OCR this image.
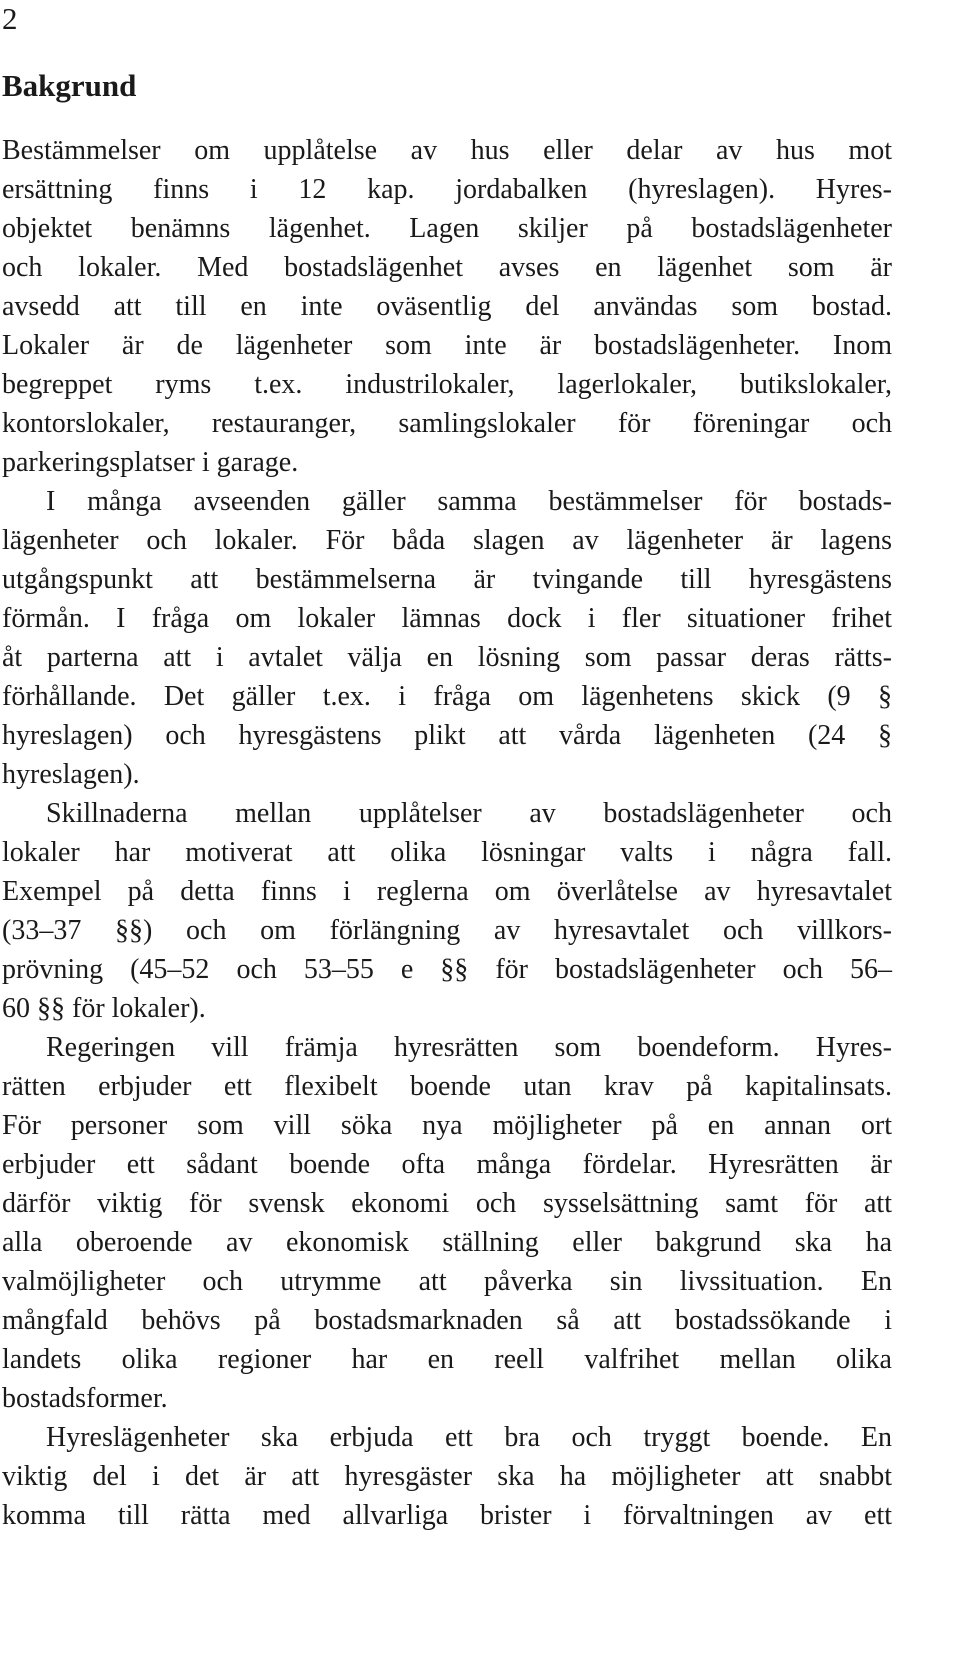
2

Bakgrund

Bestämmelser om upplåtelse av hus eller delar av hus mot
ersättning finns i 12 kap. jordabalken (hyreslagen). Hyres-
objektet benämns lägenhet. Lagen skiljer på bostadslägenheter
och lokaler. Med bostadslägenhet avses en lägenhet som är
avsedd att till en inte oväsentlig del användas som bostad.
Lokaler är de lägenheter som inte är bostadslägenheter. Inom
begreppet ryms t.ex. industrilokaler, lagerlokaler, butikslokaler,
kontorslokaler, restauranger, samlingslokaler för föreningar och
parkeringsplatser i garage.

I många avseenden gäller samma bestämmelser för bostads-
lägenheter och lokaler. För båda slagen av lägenheter är lagens
utgångspunkt att bestämmelserna är tvingande till hyresgästens
förmån. I fråga om lokaler lämnas dock i fler situationer frihet
åt parterna att i avtalet välja en lösning som passar deras rätts-
förhållande. Det gäller t.ex. i fråga om lägenhetens skick (9 §
hyreslagen) och hyresgästens plikt att vårda lägenheten (24 §
hyreslagen).

Skillnaderna mellan upplåtelser av bostadslägenheter och
lokaler har motiverat att olika lösningar valts i några fall.
Exempel på detta finns i reglerna om överlåtelse av hyresavtalet
(33–37 §§) och om förlängning av hyresavtalet och villkors-
prövning (45–52 och 53–55 e §§ för bostadslägenheter och 56–
60 §§ för lokaler).

Regeringen vill främja hyresrätten som boendeform. Hyres-
rätten erbjuder ett flexibelt boende utan krav på kapitalinsats.
För personer som vill söka nya möjligheter på en annan ort
erbjuder ett sådant boende ofta många fördelar. Hyresrätten är
därför viktig för svensk ekonomi och sysselsättning samt för att
alla oberoende av ekonomisk ställning eller bakgrund ska ha
valmöjligheter och utrymme att påverka sin livssituation. En
mångfald behövs på bostadsmarknaden så att bostadssökande i
landets olika regioner har en reell valfrihet mellan olika
bostadsformer.

Hyreslägenheter ska erbjuda ett bra och tryggt boende. En
viktig del i det är att hyresgäster ska ha möjligheter att snabbt
komma till rätta med allvarliga brister i förvaltningen av ett
